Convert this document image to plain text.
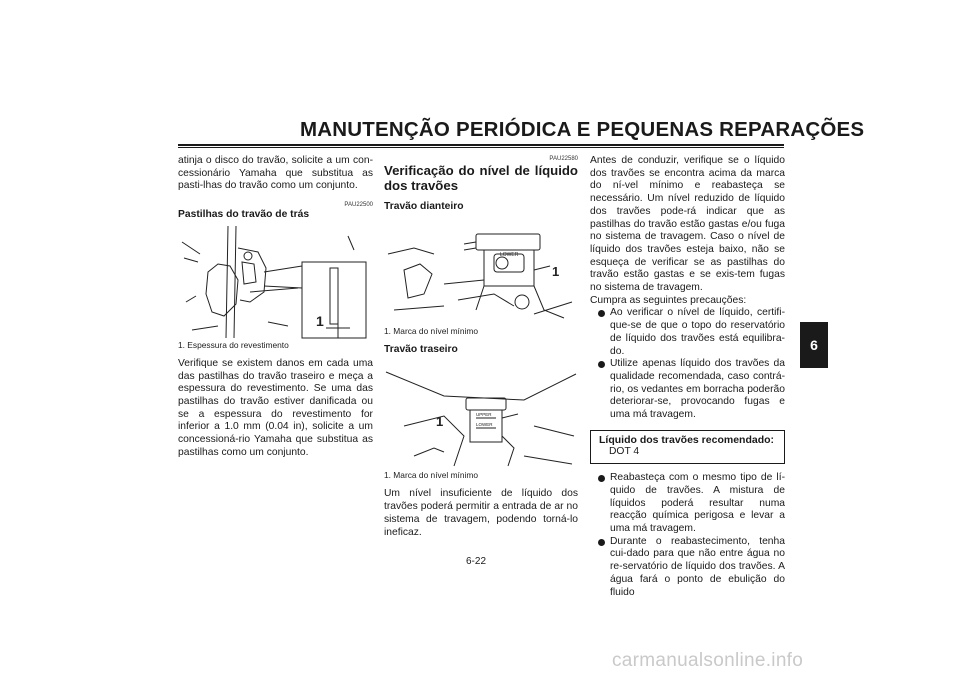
MANUTENÇÃO PERIÓDICA E PEQUENAS REPARAÇÕES
6

atinja o disco do travão, solicite a um con-cessionário Yamaha que substitua as pasti-lhas do travão como um conjunto.

PAU22500

Pastilhas do travão de trás

1

1. Espessura do revestimento

Verifique se existem danos em cada uma das pastilhas do travão traseiro e meça a espessura do revestimento. Se uma das pastilhas do travão estiver danificada ou se a espessura do revestimento for inferior a 1.0 mm (0.04 in), solicite a um concessioná-rio Yamaha que substitua as pastilhas como um conjunto.

PAU22580

Verificação do nível de líquido dos travões

Travão dianteiro

LOWER
1

1. Marca do nível mínimo

Travão traseiro

UPPER
LOWER
1

1. Marca do nível mínimo

Um nível insuficiente de líquido dos travões poderá permitir a entrada de ar no sistema de travagem, podendo torná-lo ineficaz.

Antes de conduzir, verifique se o líquido dos travões se encontra acima da marca do ní-vel mínimo e reabasteça se necessário. Um nível reduzido de líquido dos travões pode-rá indicar que as pastilhas do travão estão gastas e/ou fuga no sistema de travagem. Caso o nível de líquido dos travões esteja baixo, não se esqueça de verificar se as pastilhas do travão estão gastas e se exis-tem fugas no sistema de travagem.

Cumpra as seguintes precauções:

Ao verificar o nível de líquido, certifi-que-se de que o topo do reservatório de líquido dos travões está equilibra-do.
Utilize apenas líquido dos travões da qualidade recomendada, caso contrá-rio, os vedantes em borracha poderão deteriorar-se, provocando fugas e uma má travagem.
Líquido dos travões recomendado:
DOT 4
Reabasteça com o mesmo tipo de lí-quido de travões. A mistura de líquidos poderá resultar numa reacção química perigosa e levar a uma má travagem.
Durante o reabastecimento, tenha cui-dado para que não entre água no re-servatório de líquido dos travões. A água fará o ponto de ebulição do fluido
6-22
carmanualsonline.info
